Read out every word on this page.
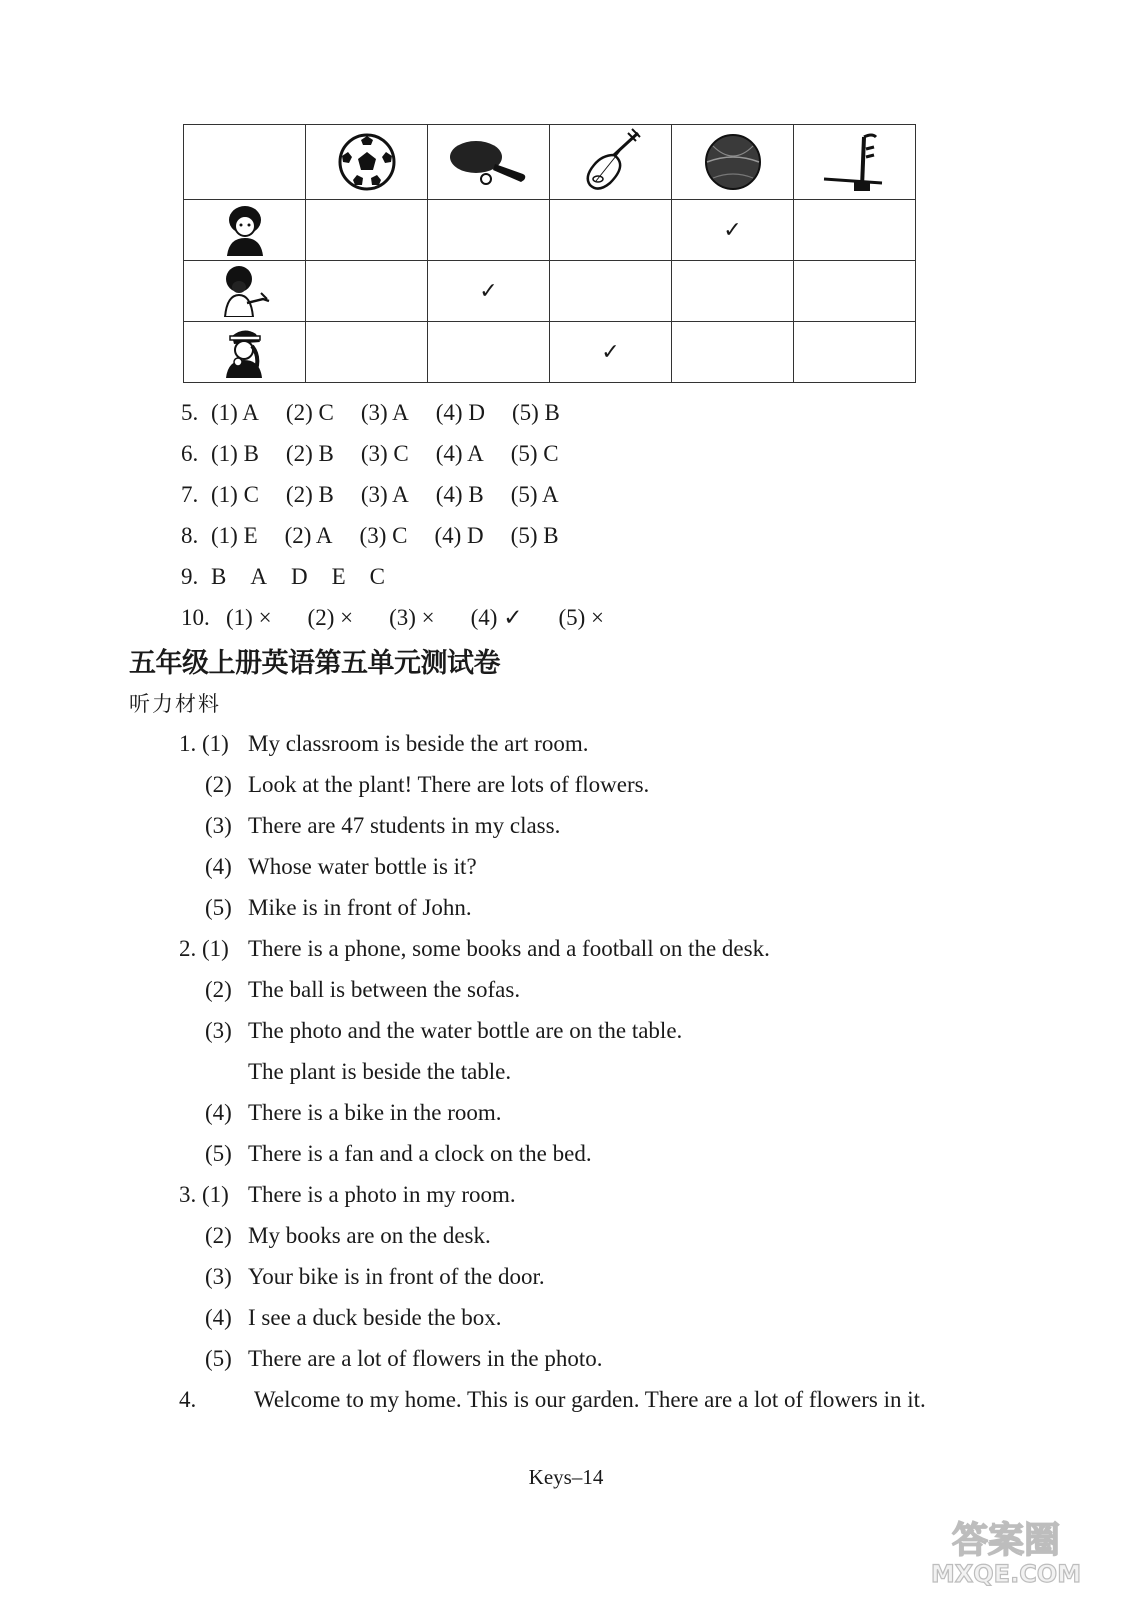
				✓	

		✓			

			✓		
5. (1) A (2) C (3) A (4) D (5) B
6. (1) B (2) B (3) C (4) A (5) C
7. (1) C (2) B (3) A (4) B (5) A
8. (1) E (2) A (3) C (4) D (5) B
9. B A D E C
10. (1) × (2) × (3) × (4) ✓ (5) ×
五年级上册英语第五单元测试卷
听力材料
1. (1) My classroom is beside the art room.
(2) Look at the plant! There are lots of flowers.
(3) There are 47 students in my class.
(4) Whose water bottle is it?
(5) Mike is in front of John.
2. (1) There is a phone, some books and a football on the desk.
(2) The ball is between the sofas.
(3) The photo and the water bottle are on the table.
The plant is beside the table.
(4) There is a bike in the room.
(5) There is a fan and a clock on the bed.
3. (1) There is a photo in my room.
(2) My books are on the desk.
(3) Your bike is in front of the door.
(4) I see a duck beside the box.
(5) There are a lot of flowers in the photo.
4.	Welcome to my home. This is our garden. There are a lot of flowers in it.
Keys–14
答案圈
MXQE.COM
